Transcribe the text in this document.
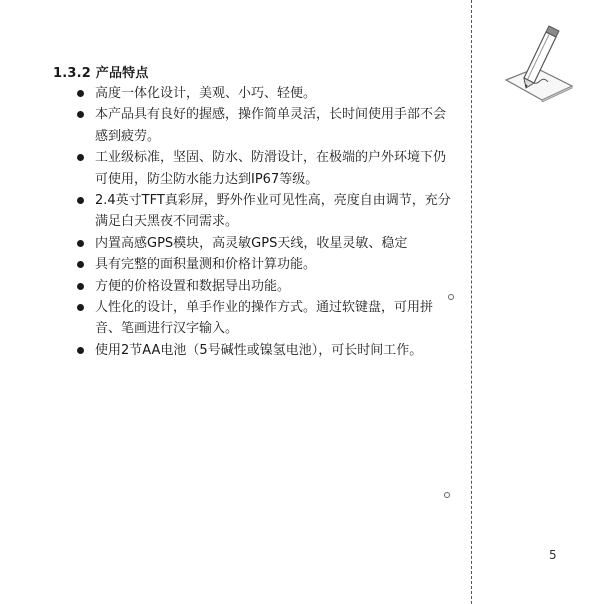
1.3.2 产品特点
高度一体化设计，美观、小巧、轻便。
本产品具有良好的握感，操作简单灵活，长时间使用手部不会感到疲劳。
工业级标准，坚固、防水、防滑设计，在极端的户外环境下仍可使用，防尘防水能力达到IP67等级。
2.4英寸TFT真彩屏，野外作业可见性高，亮度自由调节，充分满足白天黑夜不同需求。
内置高感GPS模块，高灵敏GPS天线，收星灵敏、稳定
具有完整的面积量测和价格计算功能。
方便的价格设置和数据导出功能。
人性化的设计，单手作业的操作方式。通过软键盘，可用拼音、笔画进行汉字输入。
使用2节AA电池（5号碱性或镍氢电池），可长时间工作。
5
